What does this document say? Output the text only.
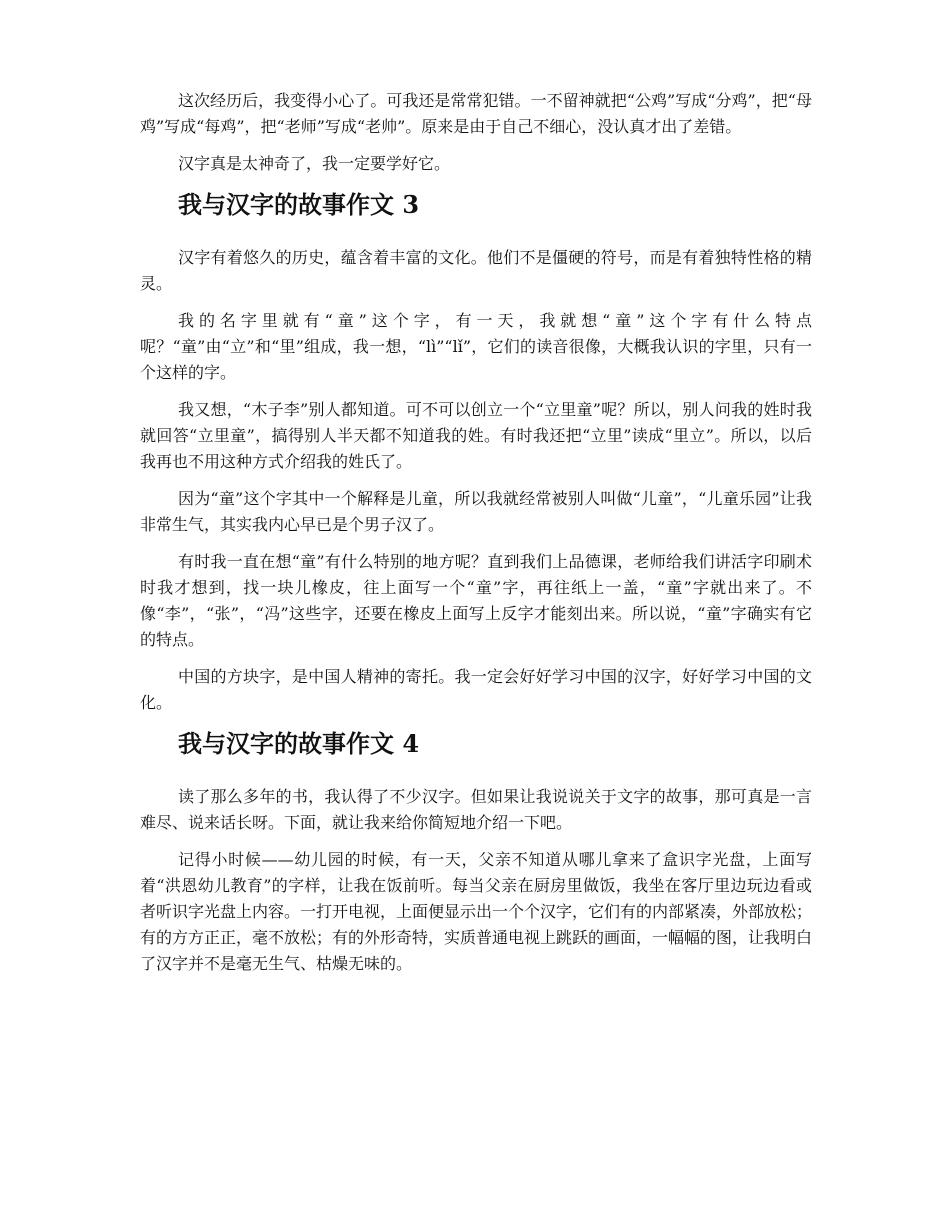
这次经历后，我变得小心了。可我还是常常犯错。一不留神就把“公鸡”写成“分鸡”，把“母鸡”写成“每鸡”，把“老师”写成“老帅”。原来是由于自己不细心，没认真才出了差错。

汉字真是太神奇了，我一定要学好它。

我与汉字的故事作文 3

汉字有着悠久的历史，蕴含着丰富的文化。他们不是僵硬的符号，而是有着独特性格的精灵。

我的名字里就有“童”这个字，有一天，我就想“童”这个字有什么特点呢？“童”由“立”和“里”组成，我一想，“lì”“lǐ”，它们的读音很像，大概我认识的字里，只有一个这样的字。

我又想，“木子李”别人都知道。可不可以创立一个“立里童”呢？所以，别人问我的姓时我就回答“立里童”，搞得别人半天都不知道我的姓。有时我还把“立里”读成“里立”。所以，以后我再也不用这种方式介绍我的姓氏了。

因为“童”这个字其中一个解释是儿童，所以我就经常被别人叫做“儿童”，“儿童乐园”让我非常生气，其实我内心早已是个男子汉了。

有时我一直在想“童”有什么特别的地方呢？直到我们上品德课，老师给我们讲活字印刷术时我才想到，找一块儿橡皮，往上面写一个“童”字，再往纸上一盖，“童”字就出来了。不像“李”，“张”，“冯”这些字，还要在橡皮上面写上反字才能刻出来。所以说，“童”字确实有它的特点。

中国的方块字，是中国人精神的寄托。我一定会好好学习中国的汉字，好好学习中国的文化。

我与汉字的故事作文 4

读了那么多年的书，我认得了不少汉字。但如果让我说说关于文字的故事，那可真是一言难尽、说来话长呀。下面，就让我来给你简短地介绍一下吧。

记得小时候——幼儿园的时候，有一天，父亲不知道从哪儿拿来了盒识字光盘，上面写着“洪恩幼儿教育”的字样，让我在饭前听。每当父亲在厨房里做饭，我坐在客厅里边玩边看或者听识字光盘上内容。一打开电视，上面便显示出一个个汉字，它们有的内部紧凑，外部放松；有的方方正正，毫不放松；有的外形奇特，实质普通电视上跳跃的画面，一幅幅的图，让我明白了汉字并不是毫无生气、枯燥无味的。
